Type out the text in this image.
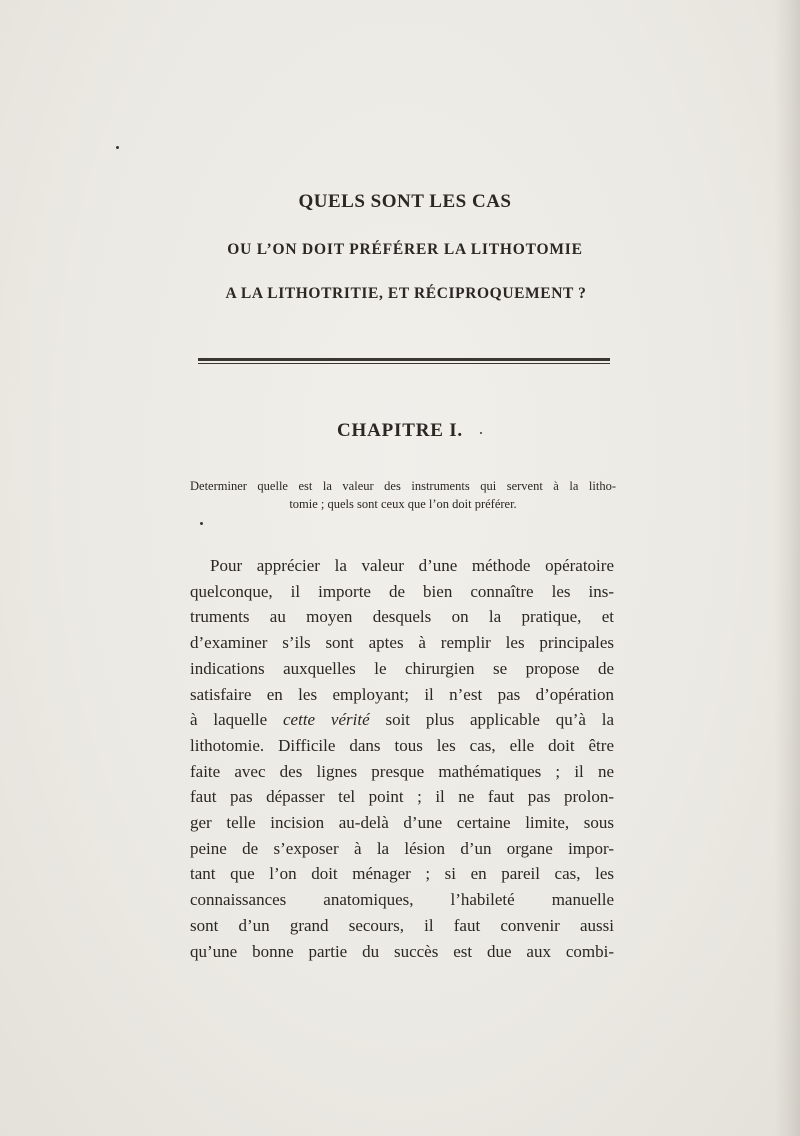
QUELS SONT LES CAS
OU L’ON DOIT PRÉFÉRER LA LITHOTOMIE
A LA LITHOTRITIE, ET RÉCIPROQUEMENT ?
CHAPITRE I.

Determiner quelle est la valeur des instruments qui servent à la litho-
tomie ; quels sont ceux que l’on doit préférer.

Pour apprécier la valeur d’une méthode opératoire
quelconque, il importe de bien connaître les ins-
truments au moyen desquels on la pratique, et
d’examiner s’ils sont aptes à remplir les principales
indications auxquelles le chirurgien se propose de
satisfaire en les employant; il n’est pas d’opération
à laquelle cette vérité soit plus applicable qu’à la
lithotomie. Difficile dans tous les cas, elle doit être
faite avec des lignes presque mathématiques ; il ne
faut pas dépasser tel point ; il ne faut pas prolon-
ger telle incision au-delà d’une certaine limite, sous
peine de s’exposer à la lésion d’un organe impor-
tant que l’on doit ménager ; si en pareil cas, les
connaissances anatomiques, l’habileté manuelle
sont d’un grand secours, il faut convenir aussi
qu’une bonne partie du succès est due aux combi-
